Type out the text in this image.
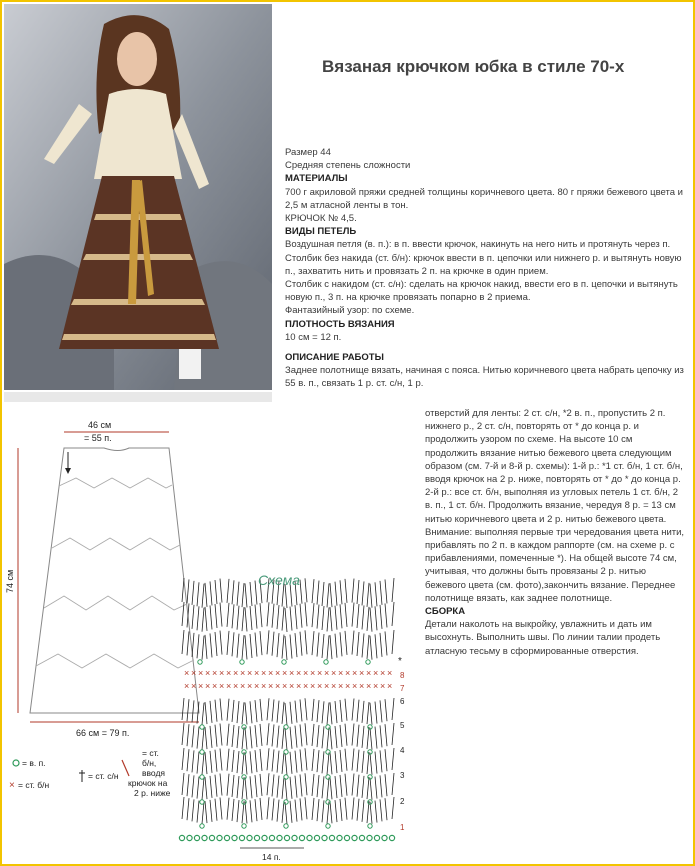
Вязаная крючком юбка в стиле 70-х

Размер 44

Средняя степень сложности

МАТЕРИАЛЫ

700 г акриловой пряжи средней толщины коричневого цвета. 80 г пряжи бежевого цвета и 2,5 м атласной ленты в тон.

КРЮЧОК № 4,5.

ВИДЫ ПЕТЕЛЬ

Воздушная петля (в. п.): в п. ввести крючок, накинуть на него нить и протянуть через п.

Столбик без накида (ст. б/н): крючок ввести в п. цепочки или нижнего р. и вытянуть новую п., захватить нить и провязать 2 п. на крючке в один прием.

Столбик с накидом (ст. с/н): сделать на крючок накид, ввести его в п. цепочки и вытянуть новую п., 3 п. на крючке провязать попарно в 2 приема.

Фантазийный узор: по схеме.

ПЛОТНОСТЬ ВЯЗАНИЯ

10 см = 12 п.

ОПИСАНИЕ РАБОТЫ

Заднее полотнище вязать, начиная с пояса. Нитью коричневого цвета набрать цепочку из 55 в. п., связать 1 р. ст. с/н, 1 р.

отверстий для ленты: 2 ст. с/н, *2 в. п., пропустить 2 п. нижнего р., 2 ст. с/н, повторять от * до конца р. и продолжить узором по схеме. На высоте 10 см продолжить вязание нитью бежевого цвета следующим образом (см. 7-й и 8-й р. схемы): 1-й р.: *1 ст. б/н, 1 ст. б/н, вводя крючок на 2 р. ниже, повторять от * до * до конца р. 2-й р.: все ст. б/н, выполняя из угловых петель 1 ст. б/н, 2 в. п., 1 ст. б/н. Продолжить вязание, чередуя 8 р. = 13 см нитью коричневого цвета и 2 р. нитью бежевого цвета.

Внимание: выполняя первые три чередования цвета нити, прибавлять по 2 п. в каждом раппорте (см. на схеме р. с прибавлениями, помеченные *). На общей высоте 74 см, учитывая, что должны быть провязаны 2 р. нитью бежевого цвета (см. фото),закончить вязание. Переднее полотнище вязать, как заднее полотнище.

СБОРКА

Детали наколоть на выкройку, увлажнить и дать им высохнуть. Выполнить швы. По линии талии продеть атласную тесьму в сформированные отверстия.

46 см
= 55 п.
74 см
66 см = 79 п.
× × × × × × × × × × × × × × × × × × × × × × × × × × × × × ×
× × × × × × × × × × × × × × × × × × × × × × × × × × × × × ×
1
2
3
4
5
6
7
8
*
14 п.
= в. п.
× = ст. б/н
= ст. с/н
= ст.
б/н,
вводя
крючок на
2 р. ниже
Схема
